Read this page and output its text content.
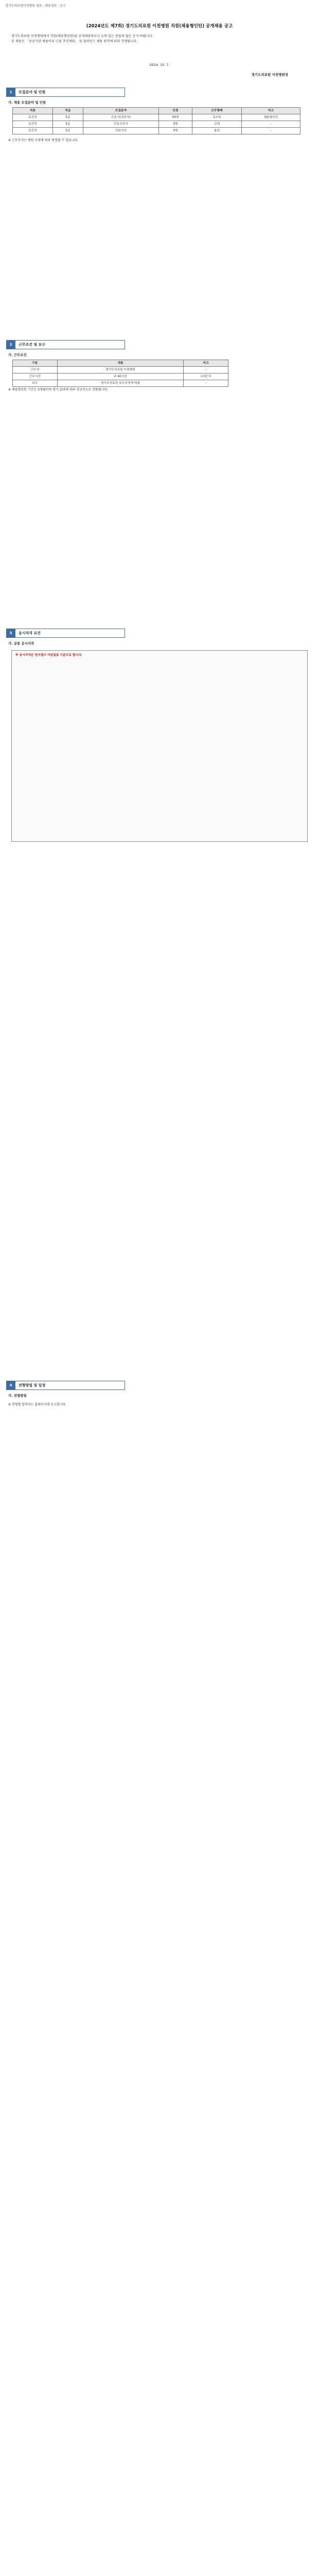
경기도의료원이천병원 정보 · 채용정보 · 공고
(2024년도 제7회) 경기도의료원 이천병원 직원(채용형인턴) 공개채용 공고

경기도의료원 이천병원에서 직원(채용형인턴)을 공개채용하오니 능력 있는 분들의 많은 응시 바랍니다.

본 채용은 「공공기관 채용비리 근절 추진계획」 및 블라인드 채용 원칙에 따라 진행됩니다.

2024. 10. 7.
경기도의료원 이천병원장
1 모집분야 및 인원
가. 채용 모집분야 및 인원
직종	직급	모집분야	인원	근무형태	비고
보건직	5급	간호사(정규직)	00명	3교대	채용형인턴
보건직	5급	간호조무사	0명	교대	-
보건직	5급	의료기사	0명	통상	-
※ 근무부서는 병원 사정에 따라 변경될 수 있습니다.
2 근무조건 및 보수
가. 근무조건
구분	내용	비고
근무지	경기도의료원 이천병원	-
근무시간	주 40시간	교대근무
보수	경기도의료원 보수규정에 따름	-
※ 채용형인턴 기간은 3개월이며 평가 결과에 따라 정규직으로 전환됩니다.
3 응시자격 요건
가. 공통 응시자격

※ 응시자격은 원서접수 마감일을 기준으로 합니다.

4 전형방법 및 일정
가. 전형방법
※ 전형별 합격자는 홈페이지에 공고합니다.
